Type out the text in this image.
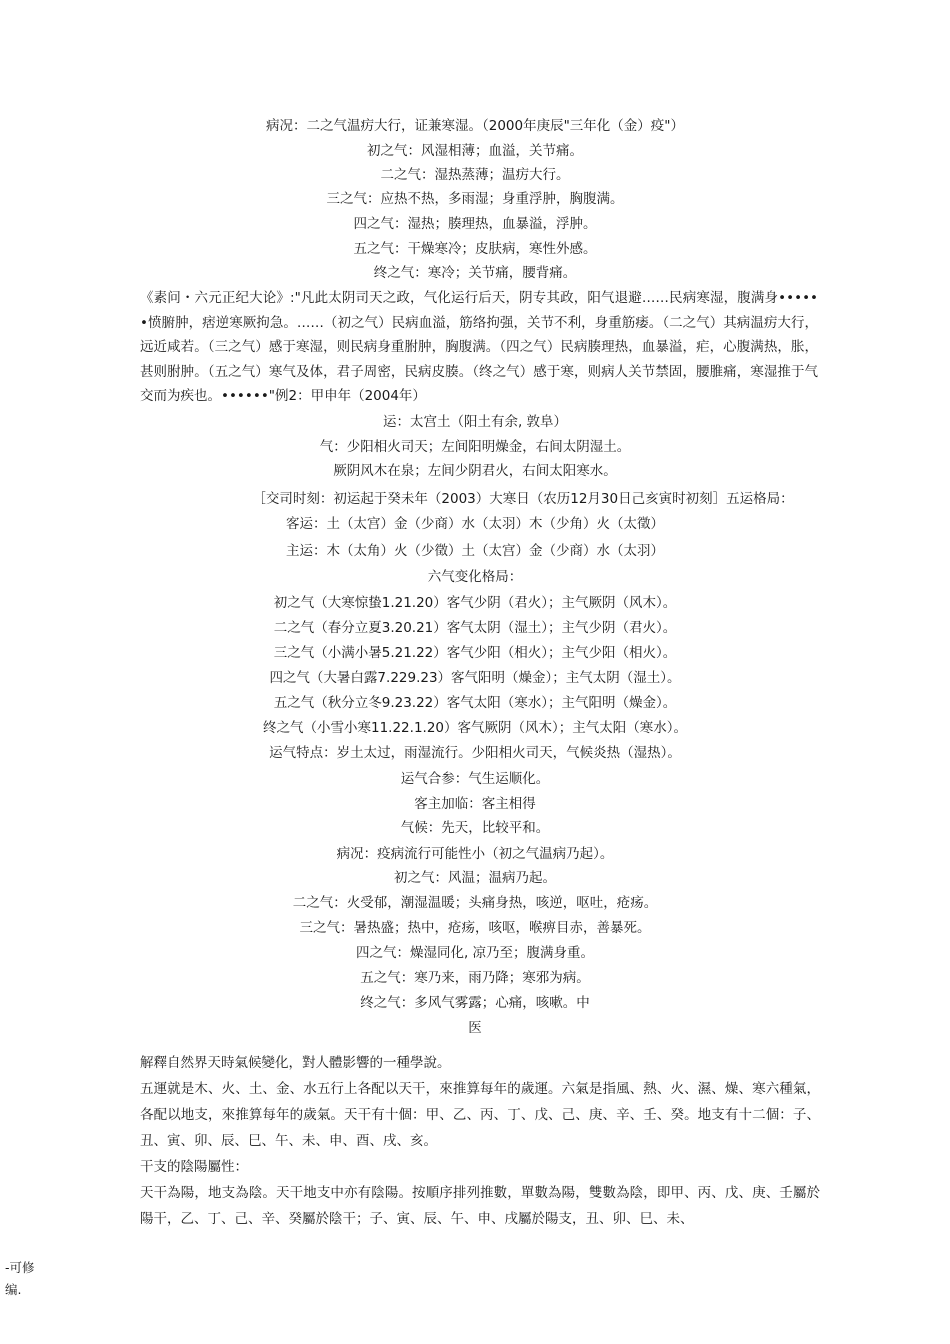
病况：二之气温疠大行，证兼寒湿。（2000年庚辰"三年化（金）疫"）
初之气：风湿相薄；血溢，关节痛。
二之气：湿热蒸薄；温疠大行。
三之气：应热不热，多雨湿；身重浮肿，胸腹满。
四之气：湿热；腠理热，血暴溢，浮肿。
五之气：干燥寒冷；皮肤病，寒性外感。
终之气：寒冷；关节痛，腰背痛。
《素问・六元正纪大论》:"凡此太阴司天之政，气化运行后天，阴专其政，阳气退避……民病寒湿，腹满身••••••愤腑肿，痞逆寒厥拘急。……（初之气）民病血溢，筋络拘强，关节不利，身重筋痿。（二之气）其病温疠大行，远近咸若。（三之气）感于寒湿，则民病身重胕肿，胸腹满。（四之气）民病腠理热，血暴溢，疟，心腹满热，胀，甚则胕肿。（五之气）寒气及体，君子周密，民病皮腠。（终之气）感于寒，则病人关节禁固，腰脽痛，寒湿推于气交而为疾也。••••••"例2：甲申年（2004年）
运：太宫土（阳土有余, 敦阜）
气：少阳相火司天；左间阳明燥金，右间太阴湿土。
厥阴风木在泉；左间少阴君火，右间太阳寒水。
［交司时刻：初运起于癸未年（2003）大寒日（农历12月30日己亥寅时初刻］五运格局：
客运：土（太宫）金（少商）水（太羽）木（少角）火（太徵）
主运：木（太角）火（少徵）土（太宫）金（少商）水（太羽）
六气变化格局：
初之气（大寒惊蛰1.21.20）客气少阴（君火）；主气厥阴（风木）。
二之气（春分立夏3.20.21）客气太阴（湿土）；主气少阴（君火）。
三之气（小满小暑5.21.22）客气少阳（相火）；主气少阳（相火）。
四之气（大暑白露7.229.23）客气阳明（燥金）；主气太阴（湿土）。
五之气（秋分立冬9.23.22）客气太阳（寒水）；主气阳明（燥金）。
终之气（小雪小寒11.22.1.20）客气厥阴（风木）；主气太阳（寒水）。
运气特点：岁土太过，雨湿流行。少阳相火司天，气候炎热（湿热）。
运气合参：气生运顺化。
客主加临：客主相得
气候：先天，比较平和。
病况：疫病流行可能性小（初之气温病乃起）。
初之气：风温；温病乃起。
二之气：火受郁，潮湿温暖；头痛身热，咳逆，呕吐，疮疡。
三之气：暑热盛；热中，疮疡，咳呕，喉痹目赤，善暴死。
四之气：燥湿同化, 凉乃至；腹满身重。
五之气：寒乃来，雨乃降；寒邪为病。
终之气：多风气雾露；心痛，咳嗽。中
医
解釋自然界天時氣候變化，對人體影響的一種學說。
五運就是木、火、土、金、水五行上各配以天干，來推算每年的歲運。六氣是指風、熱、火、濕、燥、寒六種氣，各配以地支，來推算每年的歲氣。天干有十個：甲、乙、丙、丁、戊、己、庚、辛、壬、癸。地支有十二個：子、丑、寅、卯、辰、巳、午、未、申、酉、戌、亥。
干支的陰陽屬性：
天干為陽，地支為陰。天干地支中亦有陰陽。按順序排列推數，單數為陽，雙數為陰，即甲、丙、戊、庚、壬屬於陽干，乙、丁、己、辛、癸屬於陰干；子、寅、辰、午、申、戌屬於陽支，丑、卯、巳、未、
-可修
编.
